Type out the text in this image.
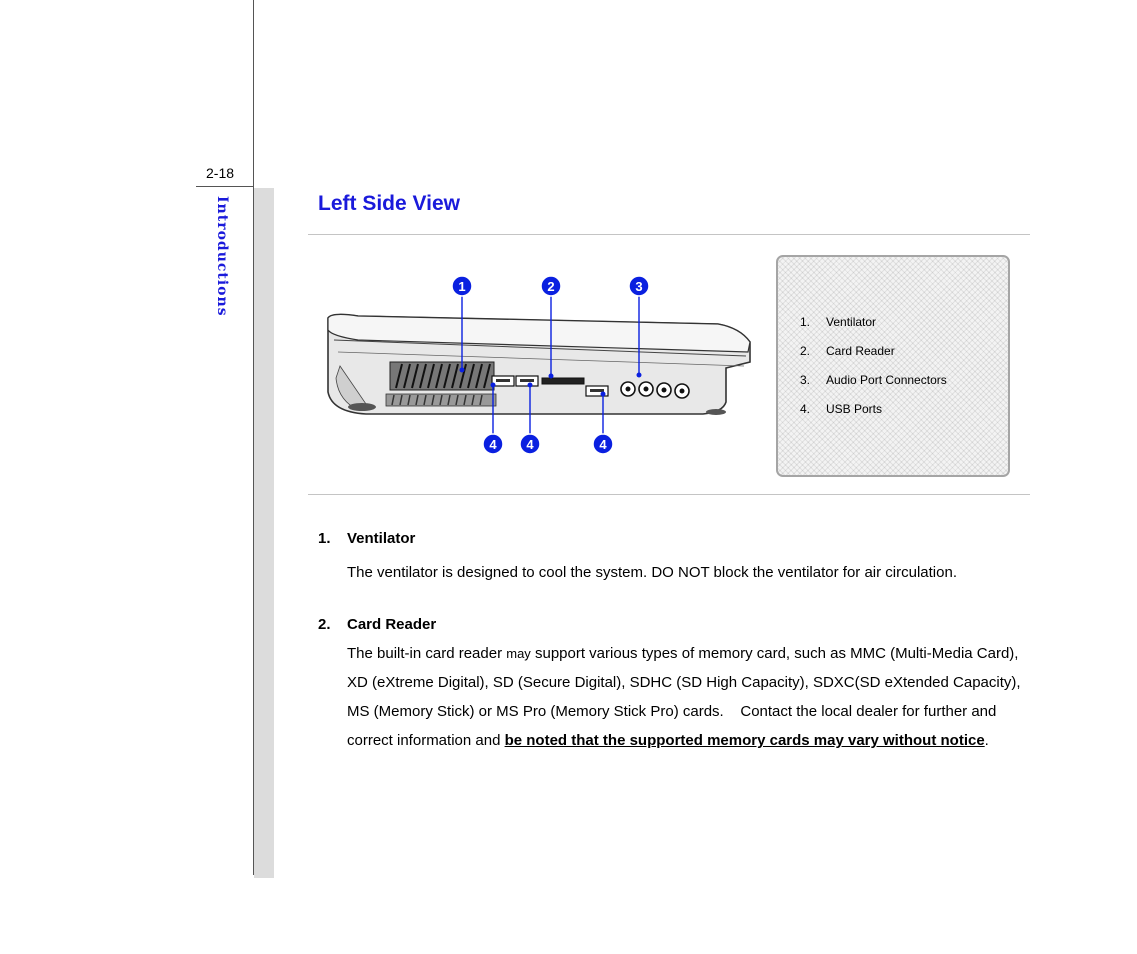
2-18
Introductions	Left Side View
1	2	3
4 4	4
1.	Ventilator
2.	Card Reader
3.	Audio Port Connectors
4.	USB Ports
1. Ventilator
The ventilator is designed to cool the system. DO NOT block the ventilator for air circulation.
2. Card Reader
The built-in card reader may support various types of memory card, such as MMC (Multi-Media Card), XD (eXtreme Digital), SD (Secure Digital), SDHC (SD High Capacity), SDXC(SD eXtended Capacity), MS (Memory Stick) or MS Pro (Memory Stick Pro) cards.    Contact the local dealer for further and correct information and be noted that the supported memory cards may vary without notice.
